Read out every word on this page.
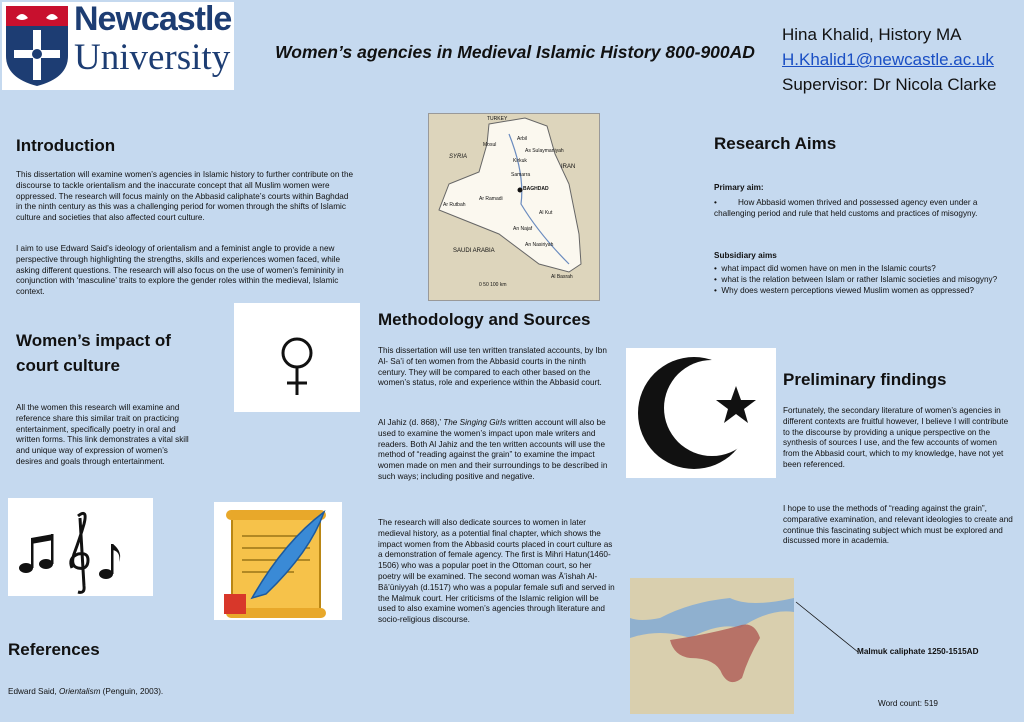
Newcastle
University	Women’s agencies in Medieval Islamic History 800-900AD
Hina Khalid, History MA
H.Khalid1@newcastle.ac.uk
Supervisor: Dr Nicola Clarke
Introduction
This dissertation will examine women’s agencies in Islamic history to further contribute on the discourse to tackle orientalism and the inaccurate concept that all Muslim women were oppressed. The research will focus mainly on the Abbasid caliphate’s courts within Baghdad in the ninth century as this was a challenging period for women through the shifts of Islamic culture and societies that also affected court culture.
I aim to use Edward Said’s ideology of orientalism and a feminist angle to provide a new perspective through highlighting the strengths, skills and experiences women faced, while asking different questions. The research will also focus on the use of women’s femininity in conjunction with ‘masculine’ traits to explore the gender roles within the medieval, Islamic context.
Women’s impact of court culture
All the women this research will examine and reference share this similar trait on practicing entertainment, specifically poetry in oral and written forms. This link demonstrates a vital skill and unique way of expression of women’s desires and goals through entertainment.
References
Edward Said, Orientalism (Penguin, 2003).
TURKEY
SYRIA
IRAN
BAGHDAD
Ar Rutbah
SAUDI ARABIA
Al Basrah
Mosul
Arbil
Kirkuk
Ar Ramadi
An Najaf
Al Kut
An Nasiriyah
As Sulaymaniyah
Samarra
0 50 100 km
Methodology and Sources
This dissertation will use ten written translated accounts, by Ibn Al- Sa’i of ten women from the Abbasid courts in the ninth century. They will be compared to each other based on the women’s status, role and experience within the Abbasid court.
Al Jahiz (d. 868),’ The Singing Girls written account will also be used to examine the women’s impact upon male writers and readers. Both Al Jahiz and the ten written accounts will use the method of “reading against the grain” to examine the impact women made on men and their surroundings to be described in such ways; including positive and negative.
The research will also dedicate sources to women in later medieval history, as a potential final chapter, which shows the impact women from the Abbasid courts placed in court culture as a demonstration of female agency. The first is Mihri Hatun(1460-1506) who was a popular poet in the Ottoman court, so her poetry will be examined. The second woman was Ā’ishah Al-Bā’ūniyyah (d.1517) who was a popular female sufi and served in the Malmuk court. Her criticisms of the Islamic religion will be used to also examine women’s agencies through literature and socio-religious discourse.
Research Aims
Primary aim:
•	How Abbasid women thrived and possessed agency even under a challenging period and rule that held customs and practices of misogyny.
Subsidiary aims
•  what impact did women have on men in the Islamic courts?
•  what is the relation between Islam or rather Islamic societies and misogyny?
•  Why does western perceptions viewed Muslim women as oppressed?
Preliminary findings
Fortunately, the secondary literature of women’s agencies in different contexts are fruitful however, I believe I will contribute to the discourse by providing a unique perspective on the synthesis of sources I use, and the few accounts of women from the Abbasid court, which to my knowledge, have not yet been referenced.
I hope to use the methods of “reading against the grain”, comparative examination, and relevant ideologies to create and continue this fascinating subject which must be explored and discussed more in academia.
Malmuk caliphate 1250-1515AD
Word count: 519
